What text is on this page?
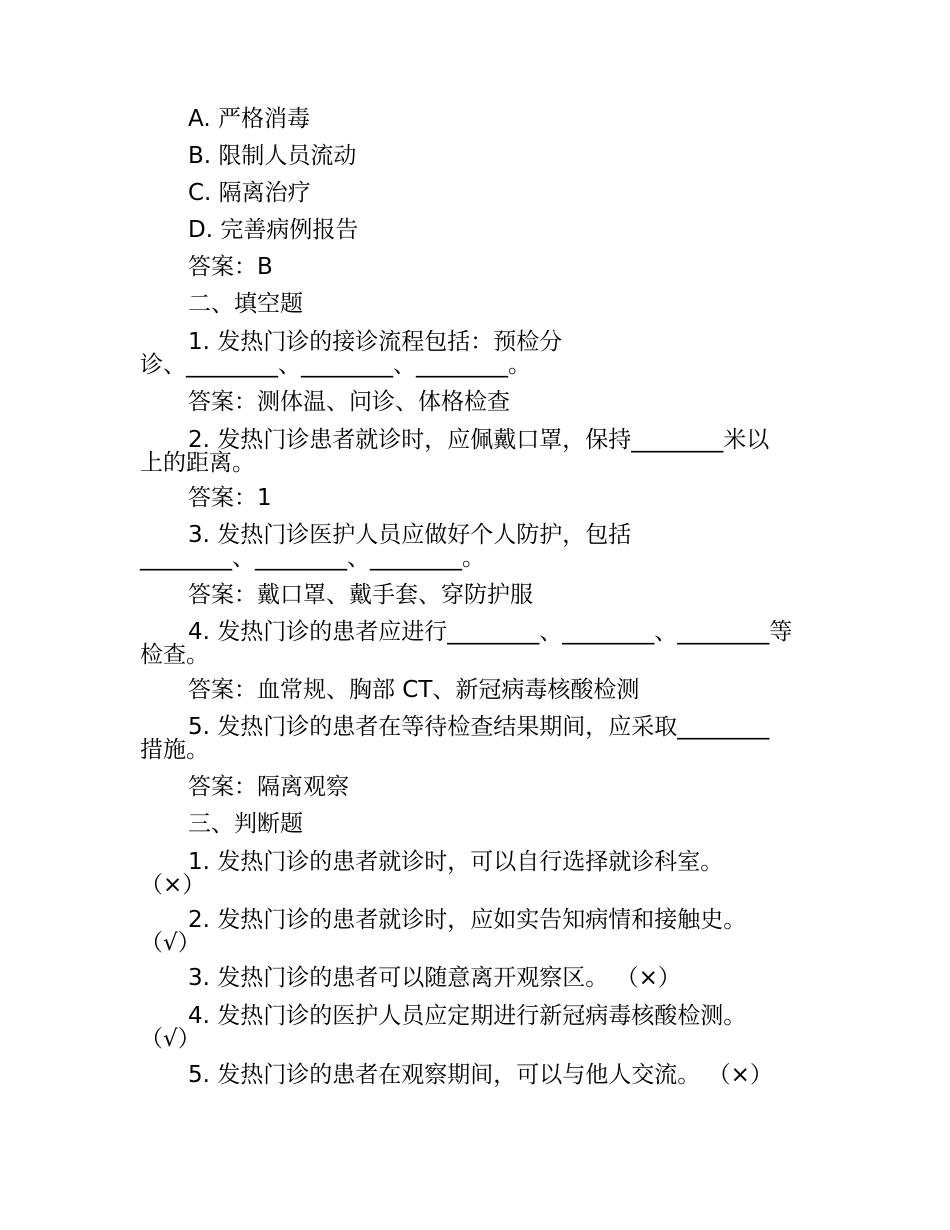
A. 严格消毒

B. 限制人员流动

C. 隔离治疗

D. 完善病例报告

答案：B

二、填空题

1. 发热门诊的接诊流程包括：预检分

诊、________、________、________。

答案：测体温、问诊、体格检查

2. 发热门诊患者就诊时，应佩戴口罩，保持________米以

上的距离。

答案：1

3. 发热门诊医护人员应做好个人防护，包括

________、________、________。

答案：戴口罩、戴手套、穿防护服

4. 发热门诊的患者应进行________、________、________等

检查。

答案：血常规、胸部 CT、新冠病毒核酸检测

5. 发热门诊的患者在等待检查结果期间，应采取________

措施。

答案：隔离观察

三、判断题

1. 发热门诊的患者就诊时，可以自行选择就诊科室。

（×）

2. 发热门诊的患者就诊时，应如实告知病情和接触史。

（√）

3. 发热门诊的患者可以随意离开观察区。 （×）

4. 发热门诊的医护人员应定期进行新冠病毒核酸检测。

（√）

5. 发热门诊的患者在观察期间，可以与他人交流。 （×）
